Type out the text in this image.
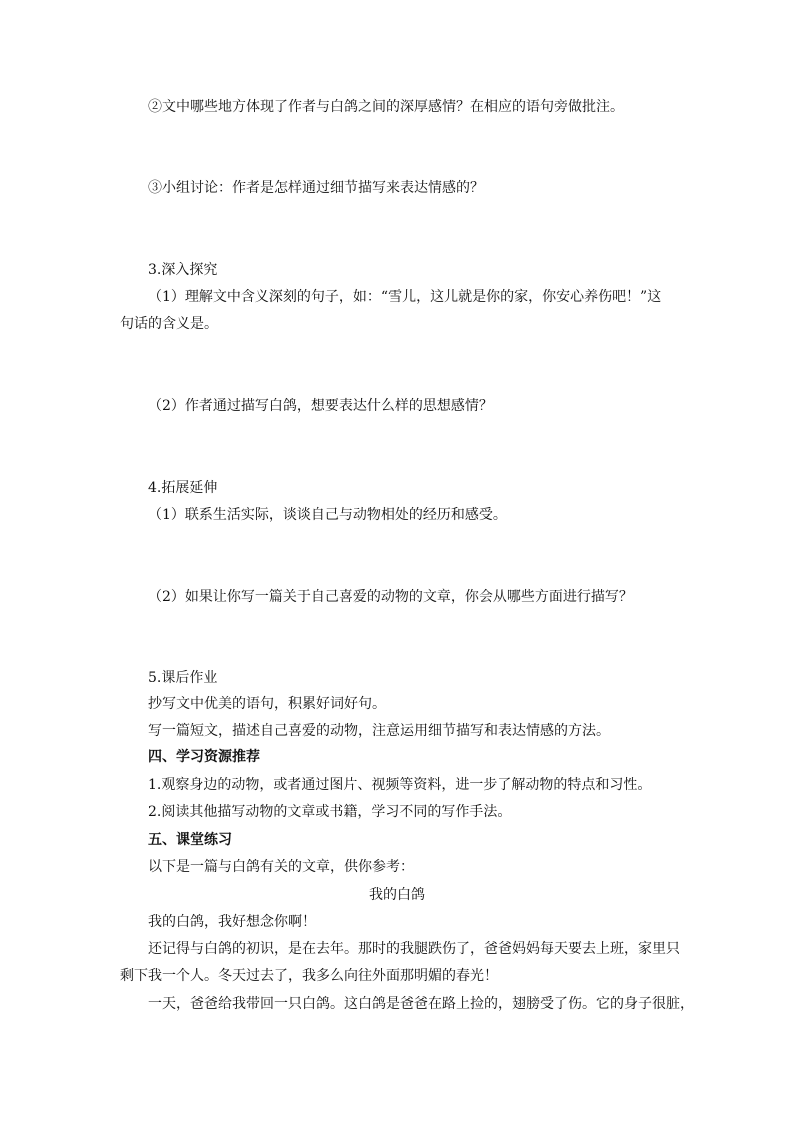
②文中哪些地方体现了作者与白鸽之间的深厚感情？在相应的语句旁做批注。
③小组讨论：作者是怎样通过细节描写来表达情感的？
3.深入探究
（1）理解文中含义深刻的句子，如：“雪儿，这儿就是你的家，你安心养伤吧！”这
句话的含义是。
（2）作者通过描写白鸽，想要表达什么样的思想感情？
4.拓展延伸
（1）联系生活实际，谈谈自己与动物相处的经历和感受。
（2）如果让你写一篇关于自己喜爱的动物的文章，你会从哪些方面进行描写？
5.课后作业
抄写文中优美的语句，积累好词好句。
写一篇短文，描述自己喜爱的动物，注意运用细节描写和表达情感的方法。
四、学习资源推荐
1.观察身边的动物，或者通过图片、视频等资料，进一步了解动物的特点和习性。
2.阅读其他描写动物的文章或书籍，学习不同的写作手法。
五、课堂练习
以下是一篇与白鸽有关的文章，供你参考：
我的白鸽
我的白鸽，我好想念你啊！
还记得与白鸽的初识，是在去年。那时的我腿跌伤了，爸爸妈妈每天要去上班，家里只
剩下我一个人。冬天过去了，我多么向往外面那明媚的春光！
一天，爸爸给我带回一只白鸽。这白鸽是爸爸在路上捡的，翅膀受了伤。它的身子很脏，
